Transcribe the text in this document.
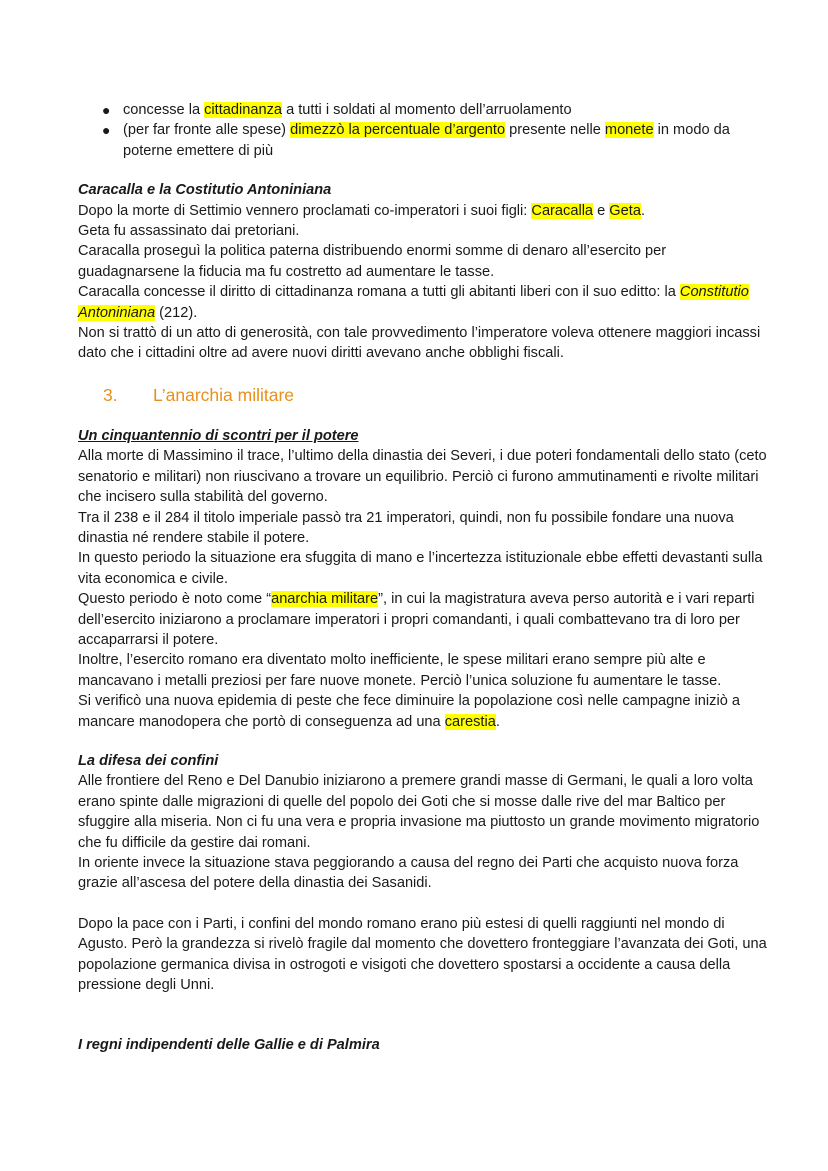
● concesse la cittadinanza a tutti i soldati al momento dell’arruolamento
● (per far fronte alle spese) dimezzò la percentuale d’argento presente nelle monete in modo da poterne emettere di più

Caracalla e la Costitutio Antoniniana

Dopo la morte di Settimio vennero proclamati co-imperatori i suoi figli: Caracalla e Geta.

Geta fu assassinato dai pretoriani.

Caracalla proseguì la politica paterna distribuendo enormi somme di denaro all’esercito per guadagnarsene la fiducia ma fu costretto ad aumentare le tasse.

Caracalla concesse il diritto di cittadinanza romana a tutti gli abitanti liberi con il suo editto: la Constitutio Antoniniana (212).

Non si trattò di un atto di generosità, con tale provvedimento l’imperatore voleva ottenere maggiori incassi dato che i cittadini oltre ad avere nuovi diritti avevano anche obblighi fiscali.

3. L’anarchia militare

Un cinquantennio di scontri per il potere

Alla morte di Massimino il trace, l’ultimo della dinastia dei Severi, i due poteri fondamentali dello stato (ceto senatorio e militari) non riuscivano a trovare un equilibrio. Perciò ci furono ammutinamenti e rivolte militari che incisero sulla stabilità del governo.

Tra il 238 e il 284 il titolo imperiale passò tra 21 imperatori, quindi, non fu possibile fondare una nuova dinastia né rendere stabile il potere.

In questo periodo la situazione era sfuggita di mano e l’incertezza istituzionale ebbe effetti devastanti sulla vita economica e civile.

Questo periodo è noto come “anarchia militare”, in cui la magistratura aveva perso autorità e i vari reparti dell’esercito iniziarono a proclamare imperatori i propri comandanti, i quali combattevano tra di loro per accaparrarsi il potere.

Inoltre, l’esercito romano era diventato molto inefficiente, le spese militari erano sempre più alte e mancavano i metalli preziosi per fare nuove monete. Perciò l’unica soluzione fu aumentare le tasse.

Si verificò una nuova epidemia di peste che fece diminuire la popolazione così nelle campagne iniziò a mancare manodopera che portò di conseguenza ad una carestia.

La difesa dei confini

Alle frontiere del Reno e Del Danubio iniziarono a premere grandi masse di Germani, le quali a loro volta erano spinte dalle migrazioni di quelle del popolo dei Goti che si mosse dalle rive del mar Baltico per sfuggire alla miseria. Non ci fu una vera e propria invasione ma piuttosto un grande movimento migratorio che fu difficile da gestire dai romani.

In oriente invece la situazione stava peggiorando a causa del regno dei Parti che acquisto nuova forza grazie all’ascesa del potere della dinastia dei Sasanidi.

Dopo la pace con i Parti, i confini del mondo romano erano più estesi di quelli raggiunti nel mondo di Agusto. Però la grandezza si rivelò fragile dal momento che dovettero fronteggiare l’avanzata dei Goti, una popolazione germanica divisa in ostrogoti e visigoti che dovettero spostarsi a occidente a causa della pressione degli Unni.

I regni indipendenti delle Gallie e di Palmira
